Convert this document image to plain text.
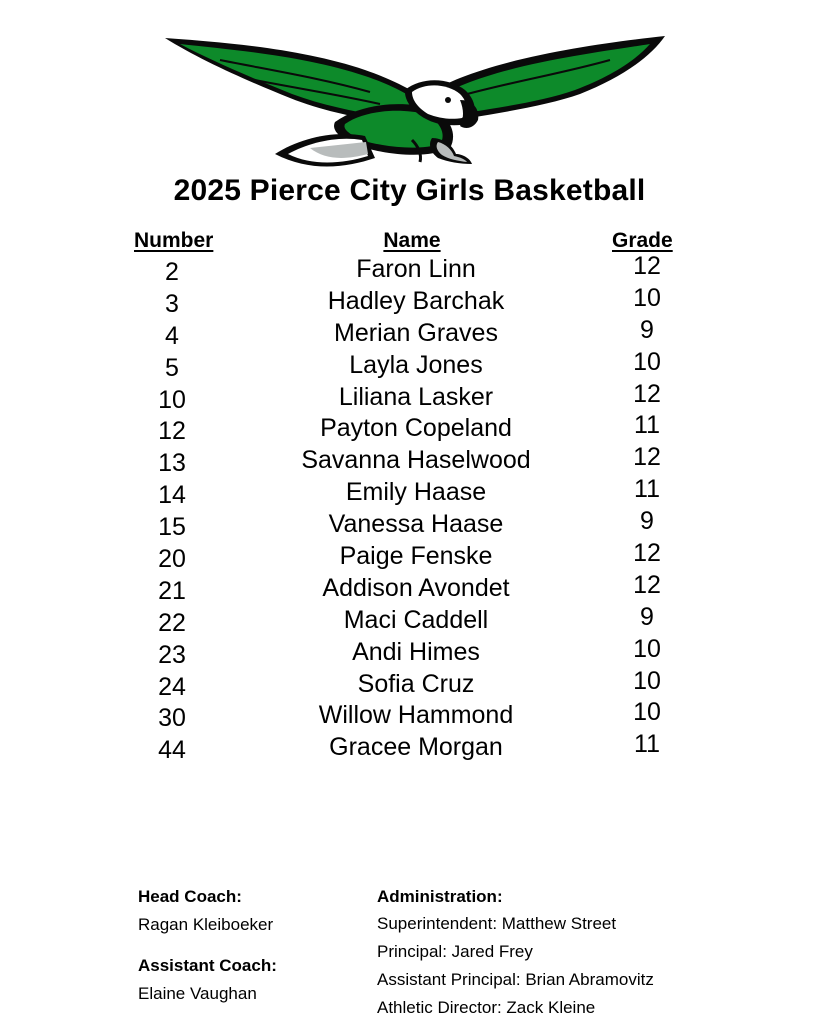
2025 Pierce City Girls Basketball
Number	Name	Grade
2	Faron Linn	12
3	Hadley Barchak	10
4	Merian Graves	9
5	Layla Jones	10
10	Liliana Lasker	12
12	Payton Copeland	11
13	Savanna Haselwood	12
14	Emily Haase	11
15	Vanessa Haase	9
20	Paige Fenske	12
21	Addison Avondet	12
22	Maci Caddell	9
23	Andi Himes	10
24	Sofia Cruz	10
30	Willow Hammond	10
44	Gracee Morgan	11
Head Coach:
Ragan Kleiboeker
Assistant Coach:
Elaine Vaughan
Administration:
Superintendent: Matthew Street
Principal: Jared Frey
Assistant Principal: Brian Abramovitz
Athletic Director: Zack Kleine
